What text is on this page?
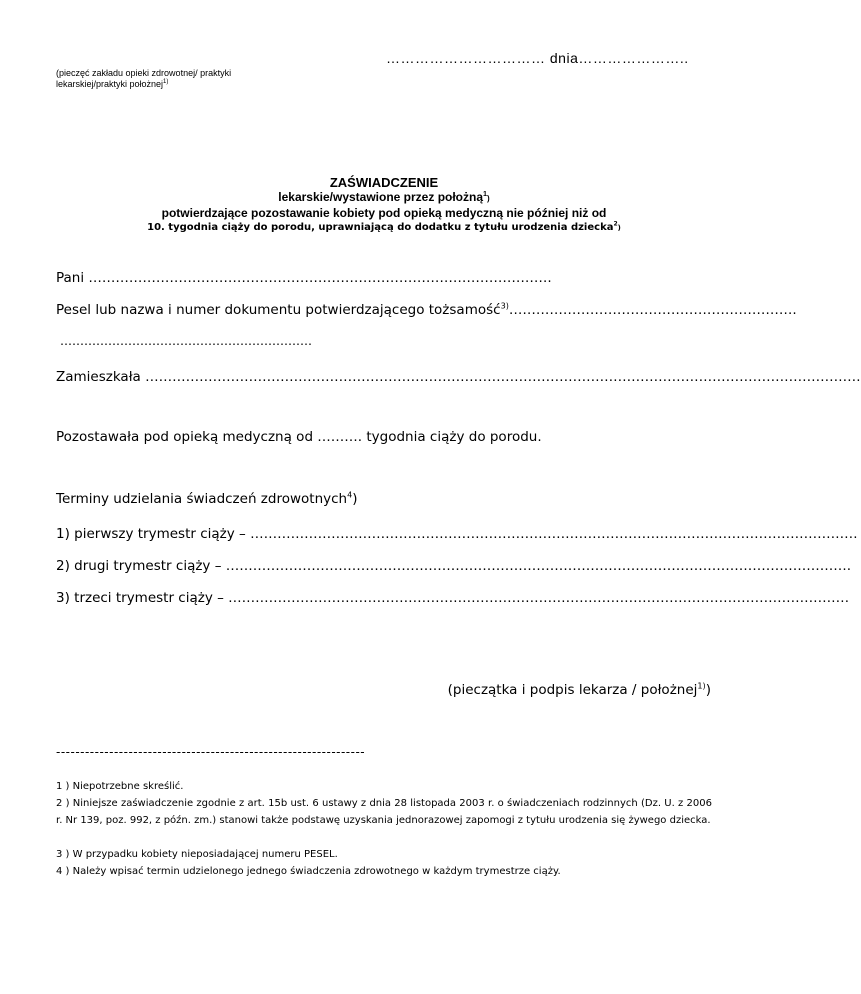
(pieczęć zakładu opieki zdrowotnej/ praktyki lekarskiej/praktyki położnej$^{1)}$
…………………………… dnia…………………..
ZAŚWIADCZENIE
lekarskie/wystawione przez położną$^1$)
potwierdzające pozostawanie kobiety pod opieką medyczną nie później niż od
10. tygodnia ciąży do porodu, uprawniającą do dodatku z tytułu urodzenia dziecka$^2$)
Pani ………………………………………………………………………………………….
Pesel lub nazwa i numer dokumentu potwierdzającego tożsamość$^{3)}$……………………………………………………….
………………………………………………………
Zamieszkała ……………………………………………………………………………………………………………………………………………
Pozostawała pod opieką medyczną od ………. tygodnia ciąży do porodu.
Terminy udzielania świadczeń zdrowotnych$^4$)
1) pierwszy trymestr ciąży – ………………………………………………………………………………………………………………………
2) drugi trymestr ciąży – ………………………………………………………………………………………………………………………….
3) trzeci trymestr ciąży – …………………………………………………………………………………………………………………………
(pieczątka i podpis lekarza / położnej$^{1)}$)
----------------------------------------------------------------
1 ) Niepotrzebne skreślić.
2 ) Niniejsze zaświadczenie zgodnie z art. 15b ust. 6 ustawy z dnia 28 listopada 2003 r. o świadczeniach rodzinnych (Dz. U. z 2006 r. Nr 139, poz. 992, z późn. zm.) stanowi także podstawę uzyskania jednorazowej zapomogi z tytułu urodzenia się żywego dziecka.
3 ) W przypadku kobiety nieposiadającej numeru PESEL.
4 ) Należy wpisać termin udzielonego jednego świadczenia zdrowotnego w każdym trymestrze ciąży.
